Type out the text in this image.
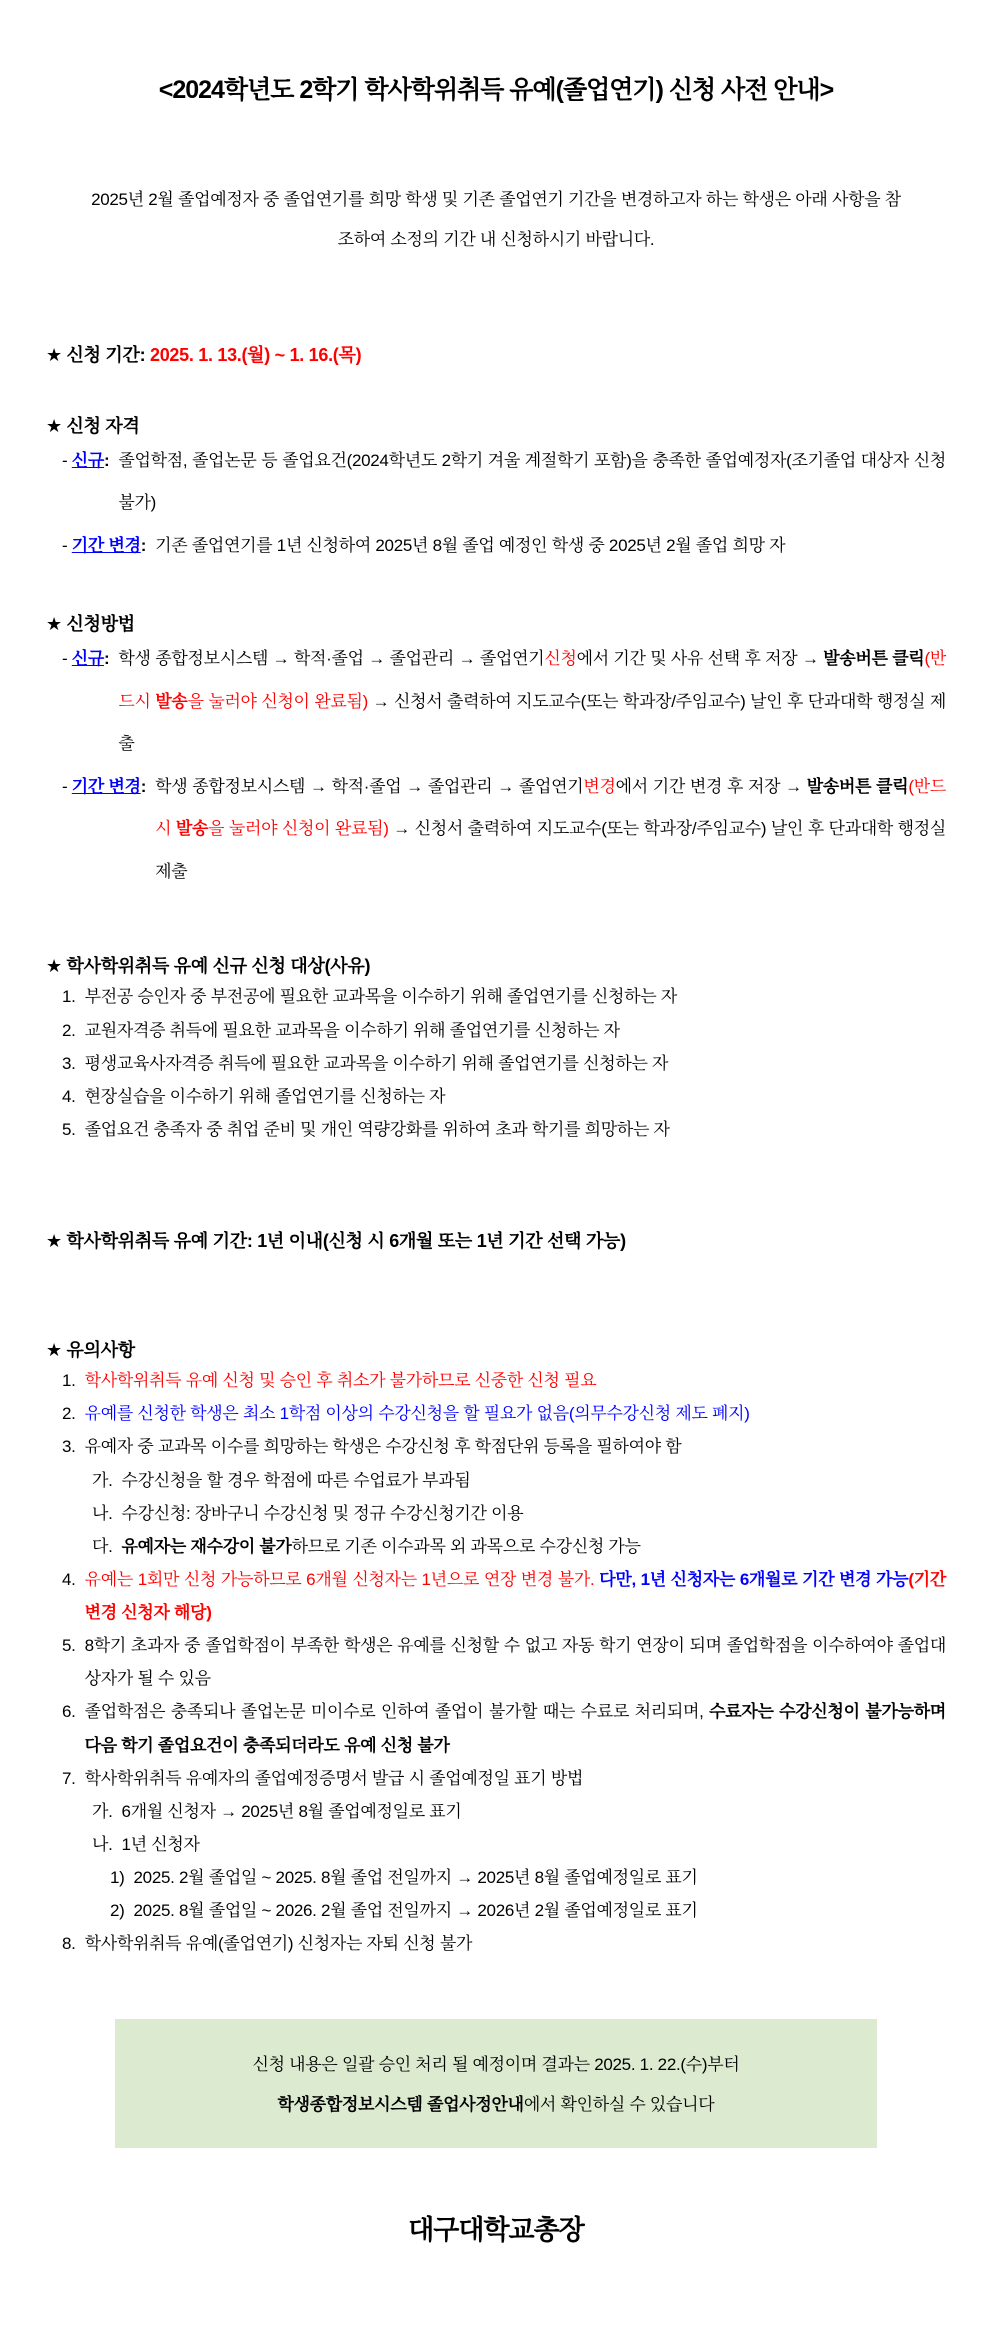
<2024학년도 2학기 학사학위취득 유예(졸업연기) 신청 사전 안내>
2025년 2월 졸업예정자 중 졸업연기를 희망 학생 및 기존 졸업연기 기간을 변경하고자 하는 학생은 아래 사항을 참조하여 소정의 기간 내 신청하시기 바랍니다.
★ 신청 기간: 2025. 1. 13.(월) ~ 1. 16.(목)
★ 신청 자격
- 신규: 졸업학점, 졸업논문 등 졸업요건(2024학년도 2학기 겨울 계절학기 포함)을 충족한 졸업예정자(조기졸업 대상자 신청 불가)
- 기간 변경: 기존 졸업연기를 1년 신청하여 2025년 8월 졸업 예정인 학생 중 2025년 2월 졸업 희망 자
★ 신청방법
- 신규: 학생 종합정보시스템 → 학적·졸업 → 졸업관리 → 졸업연기신청에서 기간 및 사유 선택 후 저장 → 발송버튼 클릭(반드시 발송을 눌러야 신청이 완료됨) → 신청서 출력하여 지도교수(또는 학과장/주임교수) 날인 후 단과대학 행정실 제출
- 기간 변경: 학생 종합정보시스템 → 학적·졸업 → 졸업관리 → 졸업연기변경에서 기간 변경 후 저장 → 발송버튼 클릭(반드시 발송을 눌러야 신청이 완료됨) → 신청서 출력하여 지도교수(또는 학과장/주임교수) 날인 후 단과대학 행정실 제출
★ 학사학위취득 유예 신규 신청 대상(사유)
1. 부전공 승인자 중 부전공에 필요한 교과목을 이수하기 위해 졸업연기를 신청하는 자
2. 교원자격증 취득에 필요한 교과목을 이수하기 위해 졸업연기를 신청하는 자
3. 평생교육사자격증 취득에 필요한 교과목을 이수하기 위해 졸업연기를 신청하는 자
4. 현장실습을 이수하기 위해 졸업연기를 신청하는 자
5. 졸업요건 충족자 중 취업 준비 및 개인 역량강화를 위하여 초과 학기를 희망하는 자
★ 학사학위취득 유예 기간: 1년 이내(신청 시 6개월 또는 1년 기간 선택 가능)
★ 유의사항
1. 학사학위취득 유예 신청 및 승인 후 취소가 불가하므로 신중한 신청 필요
2. 유예를 신청한 학생은 최소 1학점 이상의 수강신청을 할 필요가 없음(의무수강신청 제도 폐지)
3. 유예자 중 교과목 이수를 희망하는 학생은 수강신청 후 학점단위 등록을 필하여야 함
가. 수강신청을 할 경우 학점에 따른 수업료가 부과됨
나. 수강신청: 장바구니 수강신청 및 정규 수강신청기간 이용
다. 유예자는 재수강이 불가하므로 기존 이수과목 외 과목으로 수강신청 가능
4. 유예는 1회만 신청 가능하므로 6개월 신청자는 1년으로 연장 변경 불가. 다만, 1년 신청자는 6개월로 기간 변경 가능(기간 변경 신청자 해당)
5. 8학기 초과자 중 졸업학점이 부족한 학생은 유예를 신청할 수 없고 자동 학기 연장이 되며 졸업학점을 이수하여야 졸업대상자가 될 수 있음
6. 졸업학점은 충족되나 졸업논문 미이수로 인하여 졸업이 불가할 때는 수료로 처리되며, 수료자는 수강신청이 불가능하며 다음 학기 졸업요건이 충족되더라도 유예 신청 불가
7. 학사학위취득 유예자의 졸업예정증명서 발급 시 졸업예정일 표기 방법
가. 6개월 신청자 → 2025년 8월 졸업예정일로 표기
나. 1년 신청자
1) 2025. 2월 졸업일 ~ 2025. 8월 졸업 전일까지 → 2025년 8월 졸업예정일로 표기
2) 2025. 8월 졸업일 ~ 2026. 2월 졸업 전일까지 → 2026년 2월 졸업예정일로 표기
8. 학사학위취득 유예(졸업연기) 신청자는 자퇴 신청 불가
신청 내용은 일괄 승인 처리 될 예정이며 결과는 2025. 1. 22.(수)부터
학생종합정보시스템 졸업사정안내에서 확인하실 수 있습니다
대구대학교총장
